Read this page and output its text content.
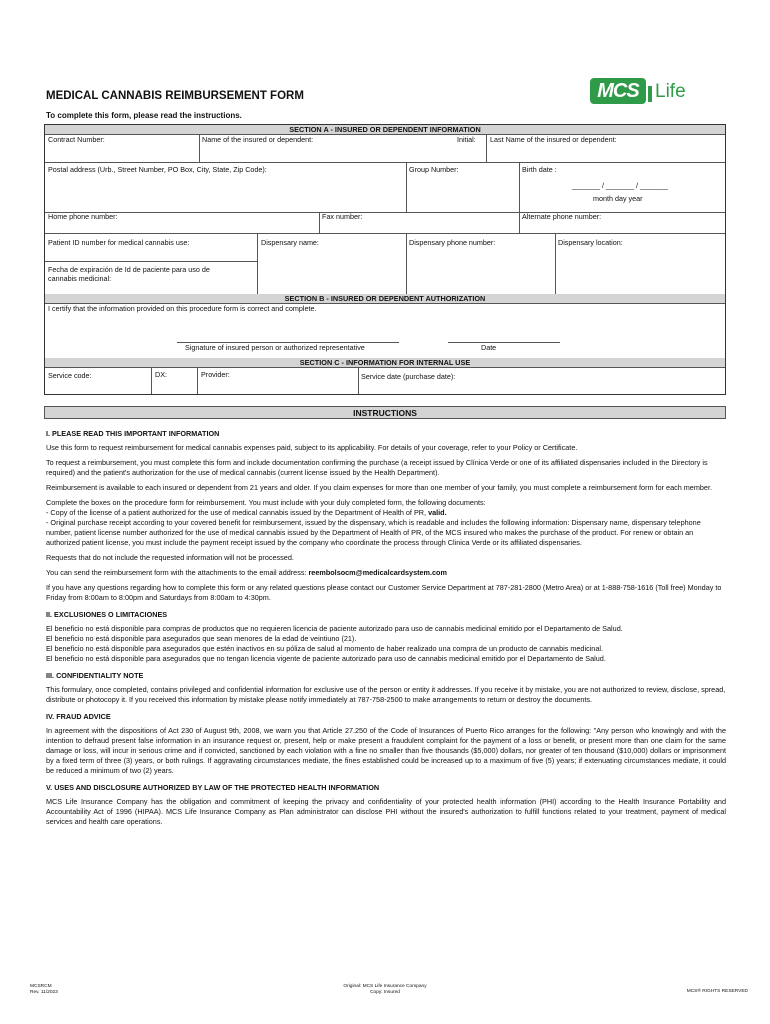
MCS Life
MEDICAL CANNABIS REIMBURSEMENT FORM
To complete this form, please read the instructions.
SECTION A - INSURED OR DEPENDENT INFORMATION
Contract Number:	Name of the insured or dependent:	Initial: Last Name of the insured or dependent:
Postal address (Urb., Street Number, PO Box, City, State, Zip Code):	Group Number:	Birth date :
_______ / _______ / _______
month day year
Home phone number:	Fax number:	Alternate phone number:
Patient ID number for medical cannabis use:	Dispensary name:	Dispensary phone number:	Dispensary location:
Fecha de expiración de Id de paciente para uso de cannabis medicinal:
SECTION B - INSURED OR DEPENDENT AUTHORIZATION
I certify that the information provided on this procedure form is correct and complete.
Signature of insured person or authorized representative	Date
SECTION C - INFORMATION FOR INTERNAL USE
Service code:	DX:	Provider:	Service date (purchase date):
INSTRUCTIONS
I. PLEASE READ THIS IMPORTANT INFORMATION

Use this form to request reimbursement for medical cannabis expenses paid, subject to its applicability. For details of your coverage, refer to your Policy or Certificate.

To request a reimbursement, you must complete this form and include documentation confirming the purchase (a receipt issued by Clínica Verde or one of its affiliated dispensaries included in the Directory is required) and the patient's authorization for the use of medical cannabis (current license issued by the Health Department).

Reimbursement is available to each insured or dependent from 21 years and older. If you claim expenses for more than one member of your family, you must complete a reimbursement form for each member.

Complete the boxes on the procedure form for reimbursement. You must include with your duly completed form, the following documents:

- Copy of the license of a patient authorized for the use of medical cannabis issued by the Department of Health of PR, valid.

- Original purchase receipt according to your covered benefit for reimbursement, issued by the dispensary, which is readable and includes the following information: Dispensary name, dispensary telephone number, patient license number authorized for the use of medical cannabis issued by the Department of Health of PR, of the MCS insured who makes the purchase of the product. For renew or obtain an authorized patient license, you must include the payment receipt issued by the company who coordinate the process through Clinica Verde or its affiliated dispensaries.

Requests that do not include the requested information will not be processed.

You can send the reimbursement form with the attachments to the email address: reembolsocm@medicalcardsystem.com

If you have any questions regarding how to complete this form or any related questions please contact our Customer Service Department at 787-281-2800 (Metro Area) or at 1-888-758-1616 (Toll free) Monday to Friday from 8:00am to 8:00pm and Saturdays from 8:00am to 4:30pm.

II. EXCLUSIONES O LIMITACIONES

El beneficio no está disponible para compras de productos que no requieren licencia de paciente autorizado para uso de cannabis medicinal emitido por el Departamento de Salud.

El beneficio no está disponible para asegurados que sean menores de la edad de veintiuno (21).

El beneficio no está disponible para asegurados que estén inactivos en su póliza de salud al momento de haber realizado una compra de un producto de cannabis medicinal.

El beneficio no está disponible para asegurados que no tengan licencia vigente de paciente autorizado para uso de cannabis medicinal emitido por el Departamento de Salud.

III. CONFIDENTIALITY NOTE

This formulary, once completed, contains privileged and confidential information for exclusive use of the person or entity it addresses. If you receive it by mistake, you are not authorized to review, disclose, spread, distribute or photocopy it. If you received this information by mistake please notify immediately at 787-758-2500 to make arrangements to return or destroy the documents.

IV. FRAUD ADVICE

In agreement with the dispositions of Act 230 of August 9th, 2008, we warn you that Article 27.250 of the Code of Insurances of Puerto Rico arranges for the following: "Any person who knowingly and with the intention to defraud present false information in an insurance request or, present, help or make present a fraudulent complaint for the payment of a loss or benefit, or present more than one claim for the same damage or loss, will incur in serious crime and if convicted, sanctioned by each violation with a fine no smaller than five thousands ($5,000) dollars, nor greater of ten thousand ($10,000) dollars or imprisonment by a fixed term of three (3) years, or both rulings. If aggravating circumstances mediate, the fines established could be increased up to a maximum of five (5) years; if extenuating circumstances mediate, it could be reduced a minimum of two (2) years.

V. USES AND DISCLOSURE AUTHORIZED BY LAW OF THE PROTECTED HEALTH INFORMATION

MCS Life Insurance Company has the obligation and commitment of keeping the privacy and confidentiality of your protected health information (PHI) according to the Health Insurance Portability and Accountability Act of 1996 (HIPAA). MCS Life Insurance Company as Plan administrator can disclose PHI without the insured's authorization to fulfill functions related to your treatment, payment of medical services and health care operations.

MCSRCM
Rev. 11/2023
Original: MCS Life Insurance Company
Copy: Insured	MCS® RIGHTS RESERVED
